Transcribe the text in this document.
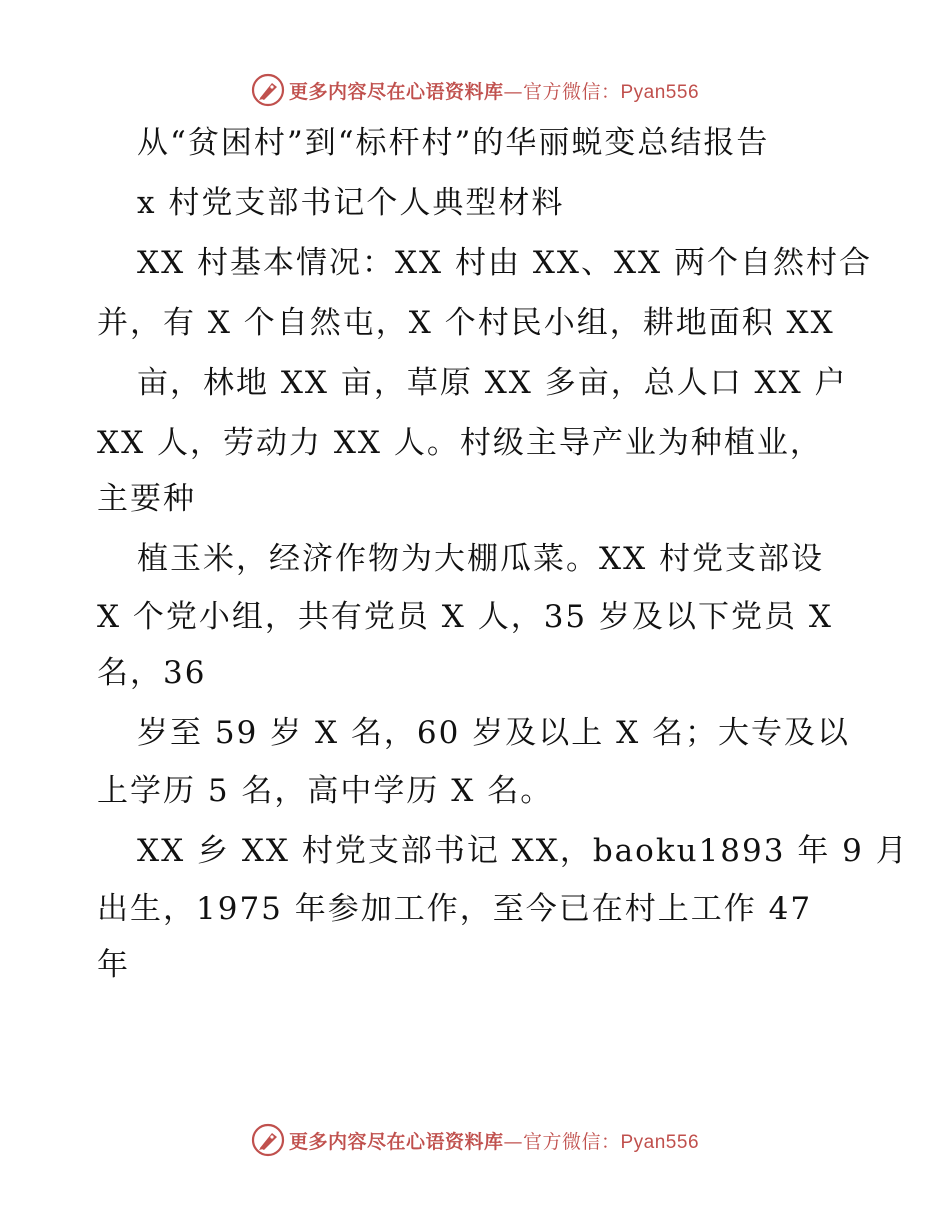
更多内容尽在心语资料库—官方微信：Pyan556
从“贫困村”到“标杆村”的华丽蜕变总结报告
x 村党支部书记个人典型材料
XX 村基本情况：XX 村由 XX、XX 两个自然村合
并，有 X 个自然屯，X 个村民小组，耕地面积 XX
亩，林地 XX 亩，草原 XX 多亩，总人口 XX 户
XX 人，劳动力 XX 人。村级主导产业为种植业，
主要种
植玉米，经济作物为大棚瓜菜。XX 村党支部设
X 个党小组，共有党员 X 人，35 岁及以下党员 X
名，36
岁至 59 岁 X 名，60 岁及以上 X 名；大专及以
上学历 5 名，高中学历 X 名。
XX 乡 XX 村党支部书记 XX，baoku1893 年 9 月
出生，1975 年参加工作，至今已在村上工作 47
年
更多内容尽在心语资料库—官方微信：Pyan556
